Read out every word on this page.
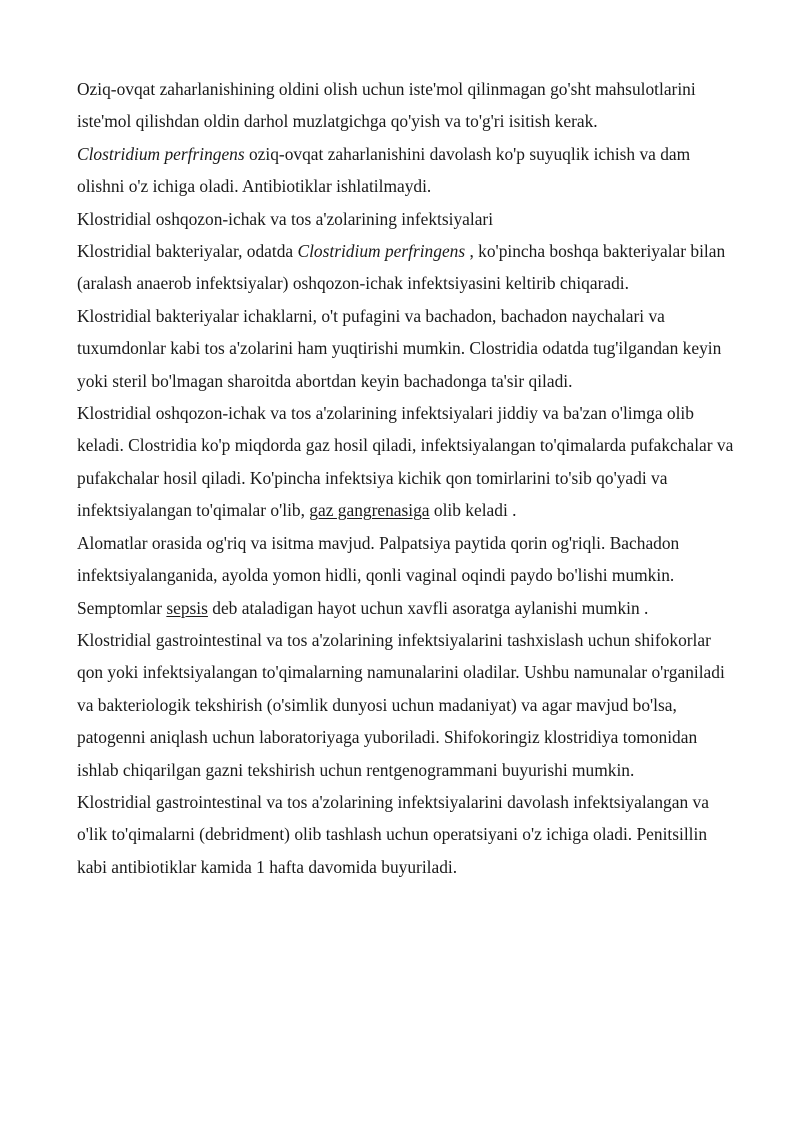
Oziq-ovqat zaharlanishining oldini olish uchun iste'mol qilinmagan go'sht mahsulotlarini iste'mol qilishdan oldin darhol muzlatgichga qo'yish va to'g'ri isitish kerak.

Clostridium perfringens oziq-ovqat zaharlanishini davolash ko'p suyuqlik ichish va dam olishni o'z ichiga oladi. Antibiotiklar ishlatilmaydi.

Klostridial oshqozon-ichak va tos a'zolarining infektsiyalari

Klostridial bakteriyalar, odatda Clostridium perfringens , ko'pincha boshqa bakteriyalar bilan (aralash anaerob infektsiyalar) oshqozon-ichak infektsiyasini keltirib chiqaradi.

Klostridial bakteriyalar ichaklarni, o't pufagini va bachadon, bachadon naychalari va tuxumdonlar kabi tos a'zolarini ham yuqtirishi mumkin. Clostridia odatda tug'ilgandan keyin yoki steril bo'lmagan sharoitda abortdan keyin bachadonga ta'sir qiladi.

Klostridial oshqozon-ichak va tos a'zolarining infektsiyalari jiddiy va ba'zan o'limga olib keladi. Clostridia ko'p miqdorda gaz hosil qiladi, infektsiyalangan to'qimalarda pufakchalar va pufakchalar hosil qiladi. Ko'pincha infektsiya kichik qon tomirlarini to'sib qo'yadi va infektsiyalangan to'qimalar o'lib, gaz gangrenasiga olib keladi .

Alomatlar orasida og'riq va isitma mavjud. Palpatsiya paytida qorin og'riqli. Bachadon infektsiyalanganida, ayolda yomon hidli, qonli vaginal oqindi paydo bo'lishi mumkin. Semptomlar sepsis deb ataladigan hayot uchun xavfli asoratga aylanishi mumkin .

Klostridial gastrointestinal va tos a'zolarining infektsiyalarini tashxislash uchun shifokorlar qon yoki infektsiyalangan to'qimalarning namunalarini oladilar. Ushbu namunalar o'rganiladi va bakteriologik tekshirish (o'simlik dunyosi uchun madaniyat) va agar mavjud bo'lsa, patogenni aniqlash uchun laboratoriyaga yuboriladi. Shifokoringiz klostridiya tomonidan ishlab chiqarilgan gazni tekshirish uchun rentgenogrammani buyurishi mumkin.

Klostridial gastrointestinal va tos a'zolarining infektsiyalarini davolash infektsiyalangan va o'lik to'qimalarni (debridment) olib tashlash uchun operatsiyani o'z ichiga oladi. Penitsillin kabi antibiotiklar kamida 1 hafta davomida buyuriladi.
